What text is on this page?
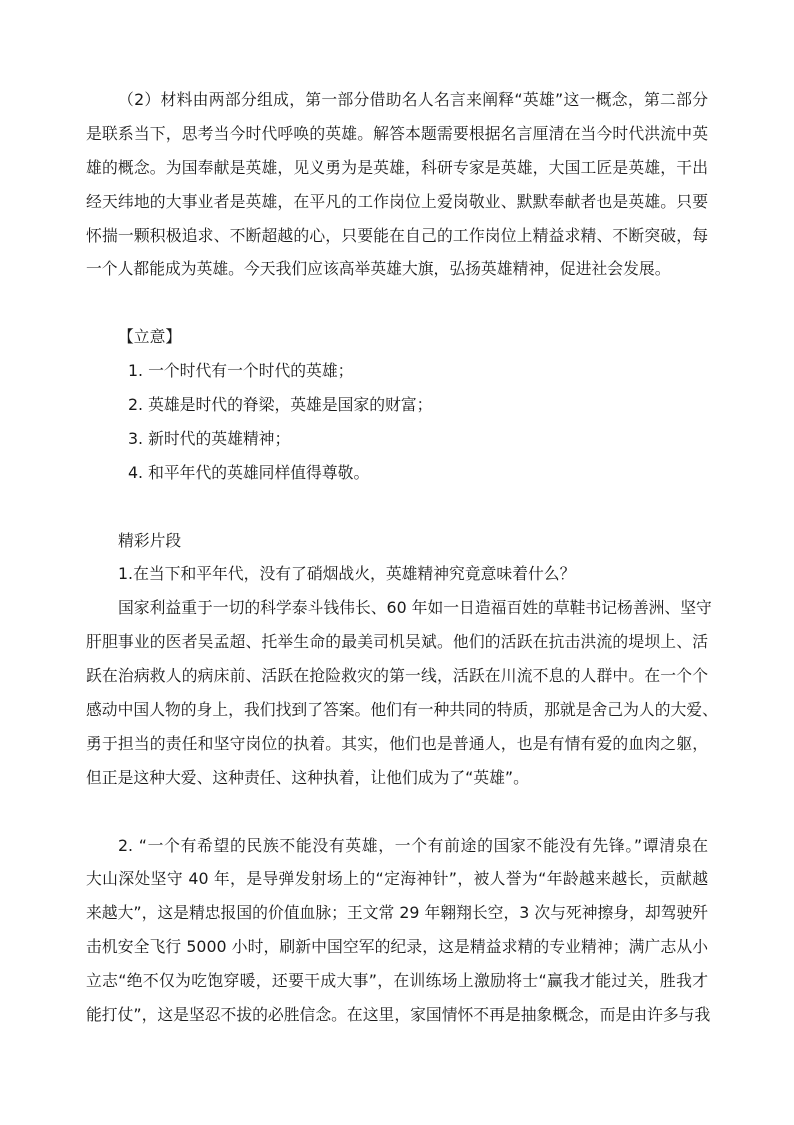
（2）材料由两部分组成，第一部分借助名人名言来阐释“英雄”这一概念，第二部分
是联系当下，思考当今时代呼唤的英雄。解答本题需要根据名言厘清在当今时代洪流中英
雄的概念。为国奉献是英雄，见义勇为是英雄，科研专家是英雄，大国工匠是英雄，干出
经天纬地的大事业者是英雄，在平凡的工作岗位上爱岗敬业、默默奉献者也是英雄。只要
怀揣一颗积极追求、不断超越的心，只要能在自己的工作岗位上精益求精、不断突破，每
一个人都能成为英雄。今天我们应该高举英雄大旗，弘扬英雄精神，促进社会发展。
【立意】
1. 一个时代有一个时代的英雄；
2. 英雄是时代的脊梁，英雄是国家的财富；
3. 新时代的英雄精神；
4. 和平年代的英雄同样值得尊敬。
精彩片段
1.在当下和平年代，没有了硝烟战火，英雄精神究竟意味着什么？
国家利益重于一切的科学泰斗钱伟长、60 年如一日造福百姓的草鞋书记杨善洲、坚守
肝胆事业的医者吴孟超、托举生命的最美司机吴斌。他们的活跃在抗击洪流的堤坝上、活
跃在治病救人的病床前、活跃在抢险救灾的第一线，活跃在川流不息的人群中。在一个个
感动中国人物的身上，我们找到了答案。他们有一种共同的特质，那就是舍己为人的大爱、
勇于担当的责任和坚守岗位的执着。其实，他们也是普通人，也是有情有爱的血肉之躯，
但正是这种大爱、这种责任、这种执着，让他们成为了“英雄”。
2. “一个有希望的民族不能没有英雄，一个有前途的国家不能没有先锋。”谭清泉在
大山深处坚守 40 年，是导弹发射场上的“定海神针”，被人誉为“年龄越来越长，贡献越
来越大”，这是精忠报国的价值血脉；王文常 29 年翱翔长空，3 次与死神擦身，却驾驶歼
击机安全飞行 5000 小时，刷新中国空军的纪录，这是精益求精的专业精神；满广志从小
立志“绝不仅为吃饱穿暖，还要干成大事”，在训练场上激励将士“赢我才能过关，胜我才
能打仗”，这是坚忍不拔的必胜信念。在这里，家国情怀不再是抽象概念，而是由许多与我
